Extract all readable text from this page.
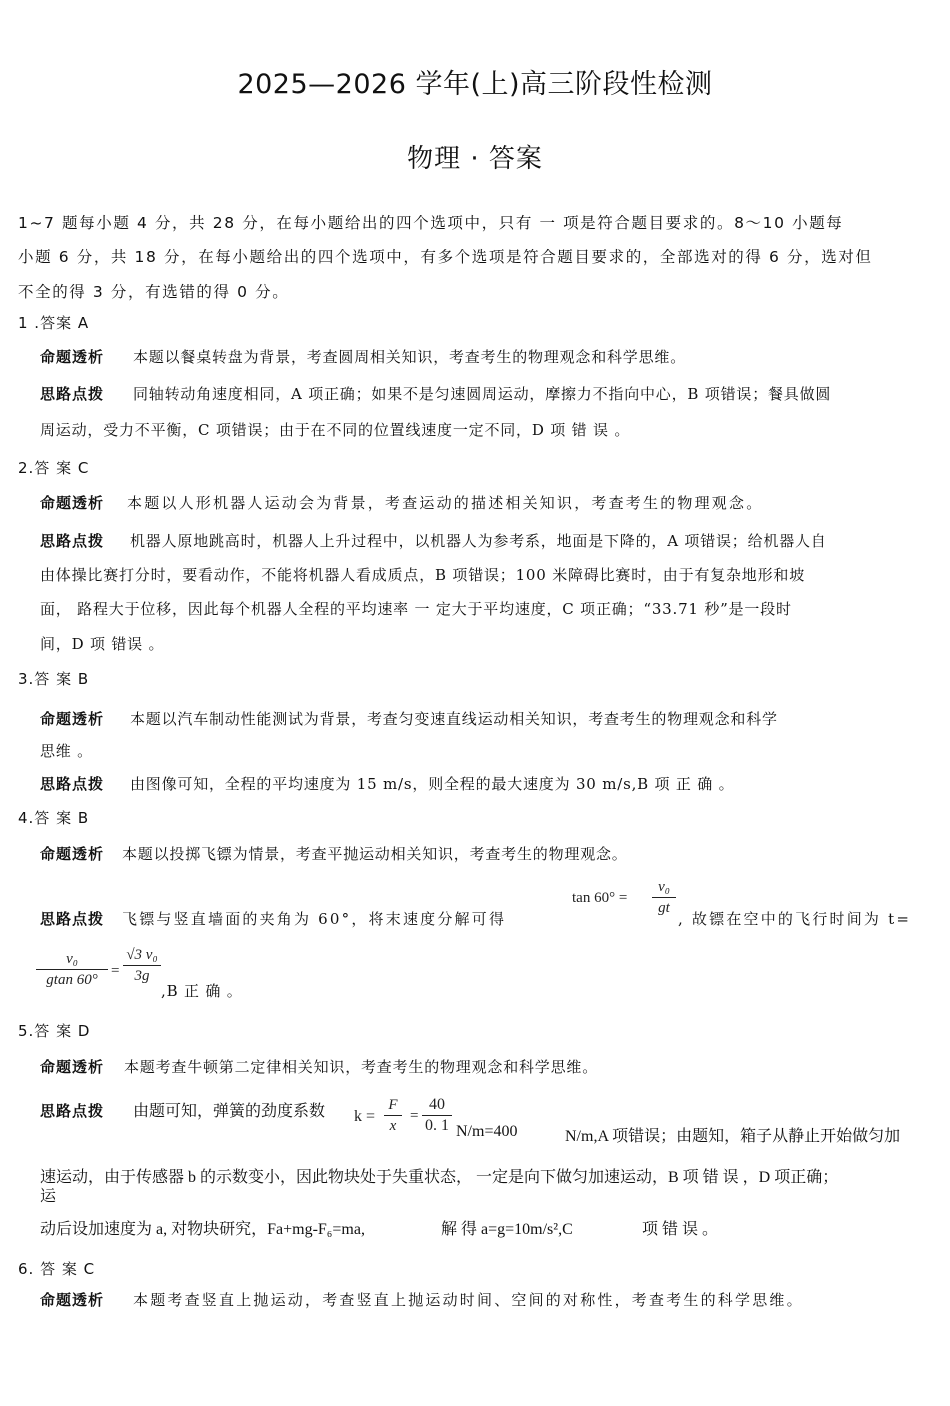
2025—2026 学年(上)高三阶段性检测
物理 · 答案
1~7 题每小题 4 分，共 28 分，在每小题给出的四个选项中，只有 一 项是符合题目要求的。8～10 小题每
小题 6 分，共 18 分，在每小题给出的四个选项中，有多个选项是符合题目要求的，全部选对的得 6 分，选对但
不全的得 3 分，有选错的得 0 分。
1 .答案 A
命题透析 本题以餐桌转盘为背景，考查圆周相关知识，考查考生的物理观念和科学思维。
思路点拨 同轴转动角速度相同，A 项正确；如果不是匀速圆周运动，摩擦力不指向中心，B 项错误；餐具做圆
周运动，受力不平衡，C 项错误；由于在不同的位置线速度一定不同，D 项 错 误 。
2.答 案 C
命题透析 本题以人形机器人运动会为背景，考查运动的描述相关知识，考查考生的物理观念。
思路点拨 机器人原地跳高时，机器人上升过程中，以机器人为参考系，地面是下降的，A 项错误；给机器人自
由体操比赛打分时，要看动作，不能将机器人看成质点，B 项错误；100 米障碍比赛时，由于有复杂地形和坡
面， 路程大于位移，因此每个机器人全程的平均速率 一 定大于平均速度，C 项正确；“33.71 秒”是一段时
间，D 项 错误 。
3.答 案 B
命题透析 本题以汽车制动性能测试为背景，考查匀变速直线运动相关知识，考查考生的物理观念和科学
思维 。
思路点拨 由图像可知，全程的平均速度为 15 m/s，则全程的最大速度为 30 m/s,B 项 正 确 。
4.答 案 B
命题透析 本题以投掷飞镖为情景，考查平抛运动相关知识，考查考生的物理观念。
思路点拨 飞镖与竖直墙面的夹角为 60°，将末速度分解可得
tan 60° =
v₀
gt
, 故镖在空中的飞行时间为 t=
v₀
gtan 60°
=
√3 v₀
3g
,B 正 确 。
5.答 案 D
命题透析 本题考查牛顿第二定律相关知识，考查考生的物理观念和科学思维。
思路点拨 由题可知，弹簧的劲度系数 k =
F
x
=
40
0. 1 N/m=400	N/m,A 项错误；由题知，箱子从静止开始做匀加
速运动，由于传感器 b 的示数变小，因此物块处于失重状态， 一定是向下做匀加速运动，B 项 错 误 ，D 项正确；
运
动后设加速度为 a, 对物块研究，Fa+mg-F₆=ma,	解 得 a=g=10m/s²,C	项 错 误 。
6. 答 案 C
命题透析 本题考查竖直上抛运动，考查竖直上抛运动时间、空间的对称性，考查考生的科学思维。
